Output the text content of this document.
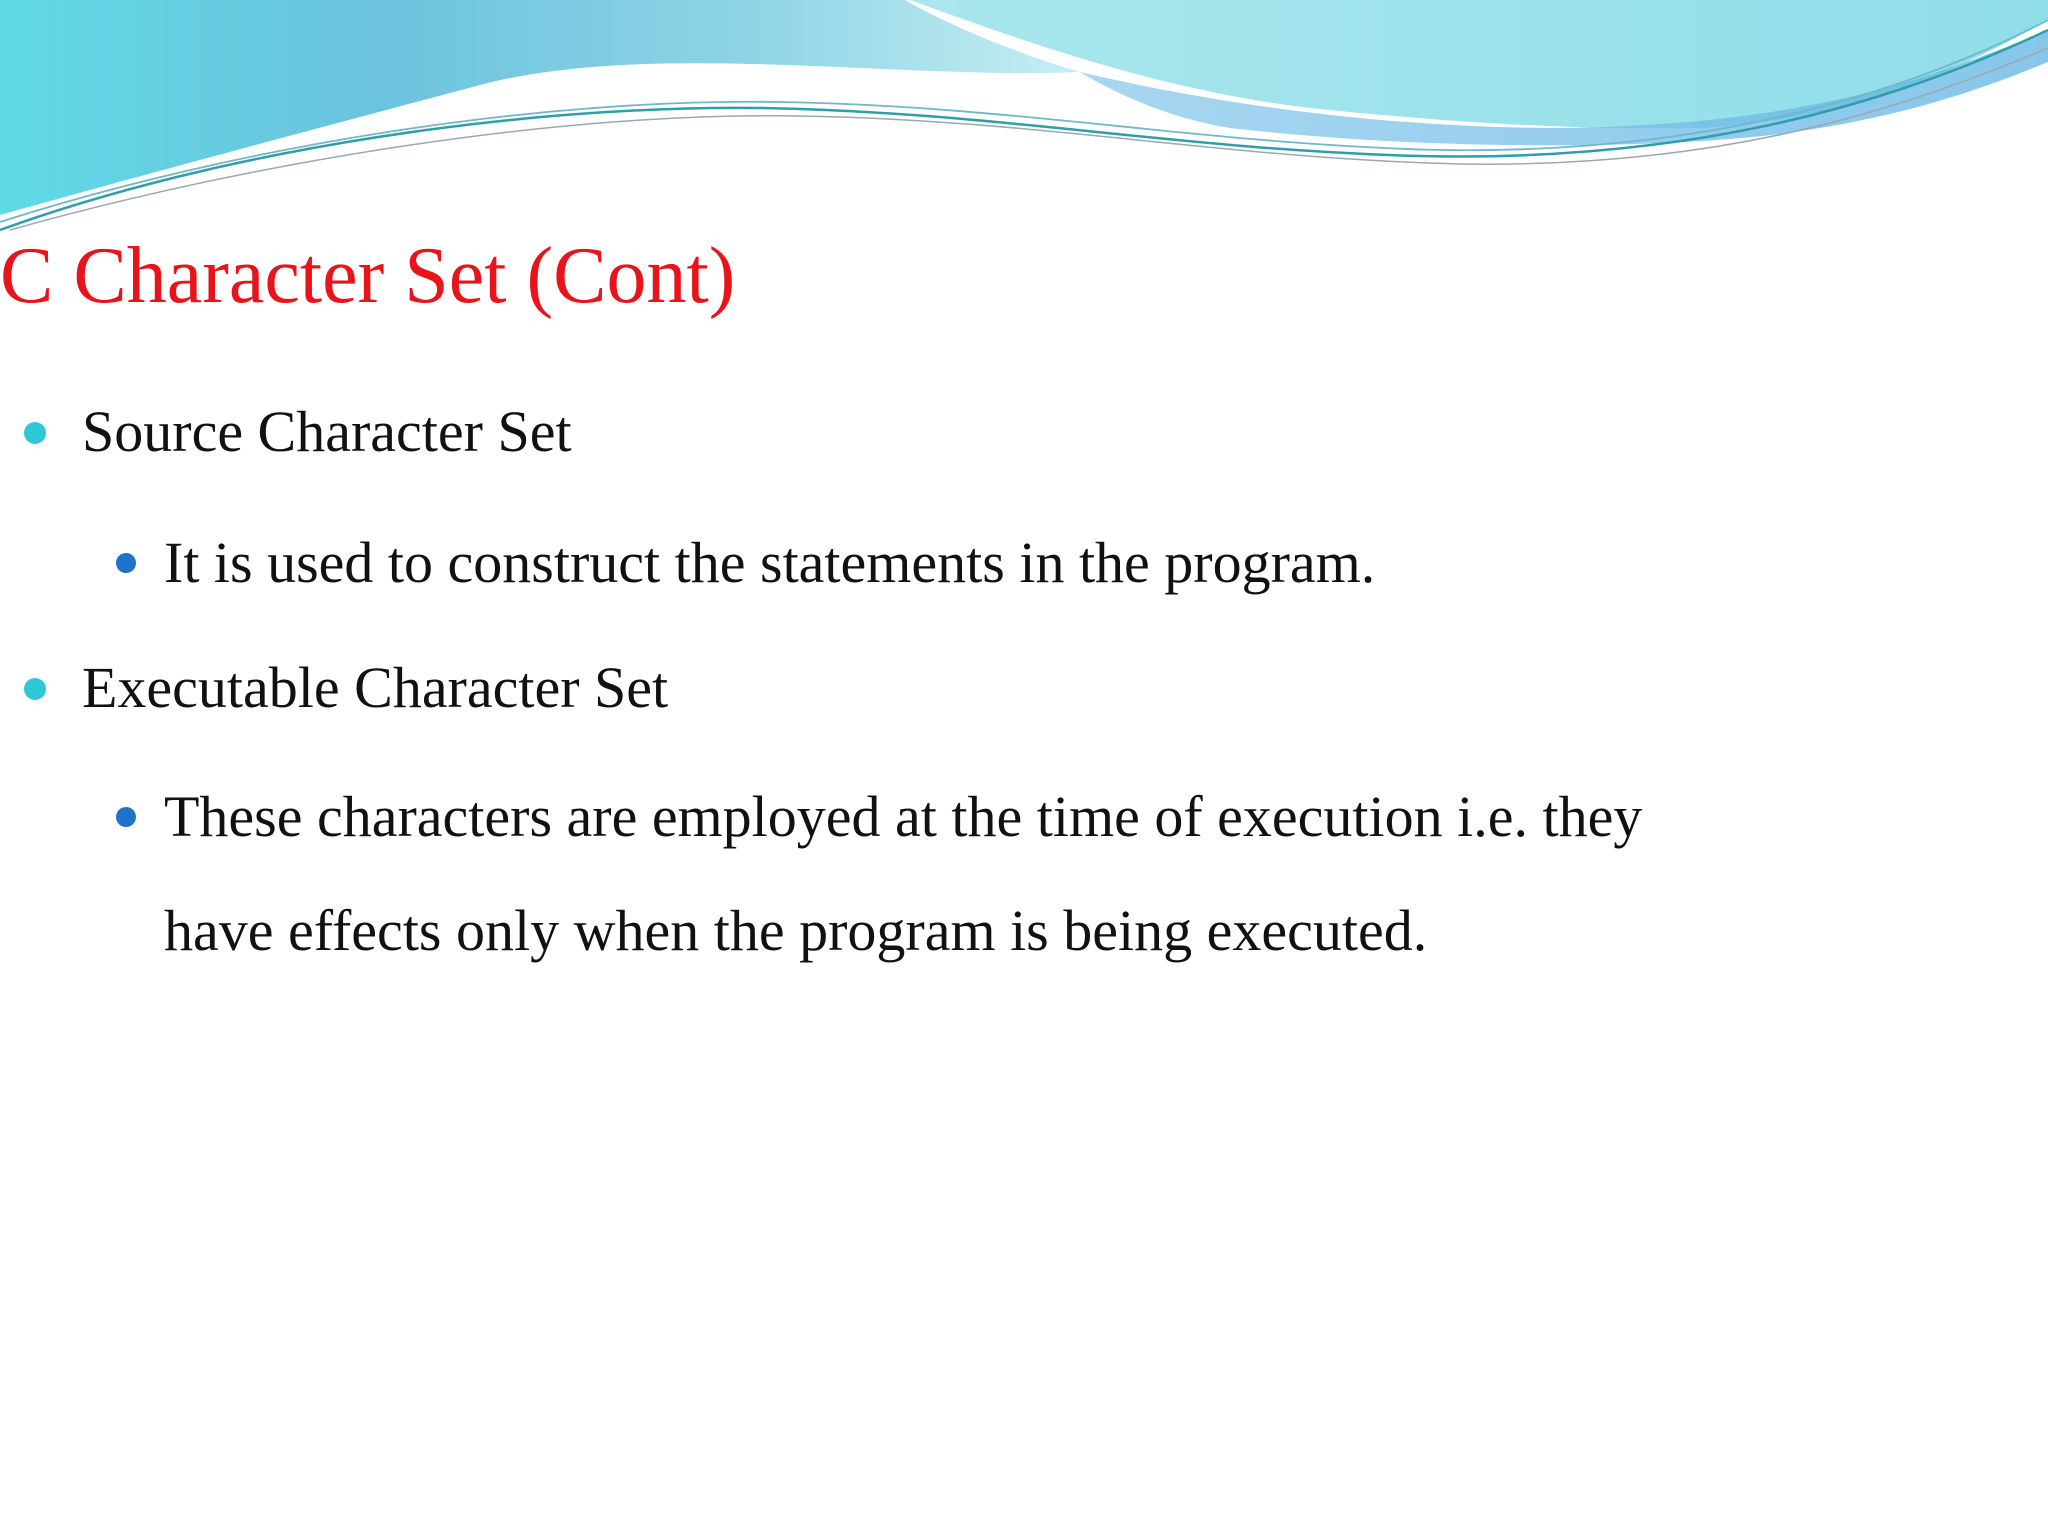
C Character Set (Cont)
Source Character Set
It is used to construct the statements in the program.
Executable Character Set
These characters are employed at the time of execution i.e. they
have effects only when the program is being executed.
